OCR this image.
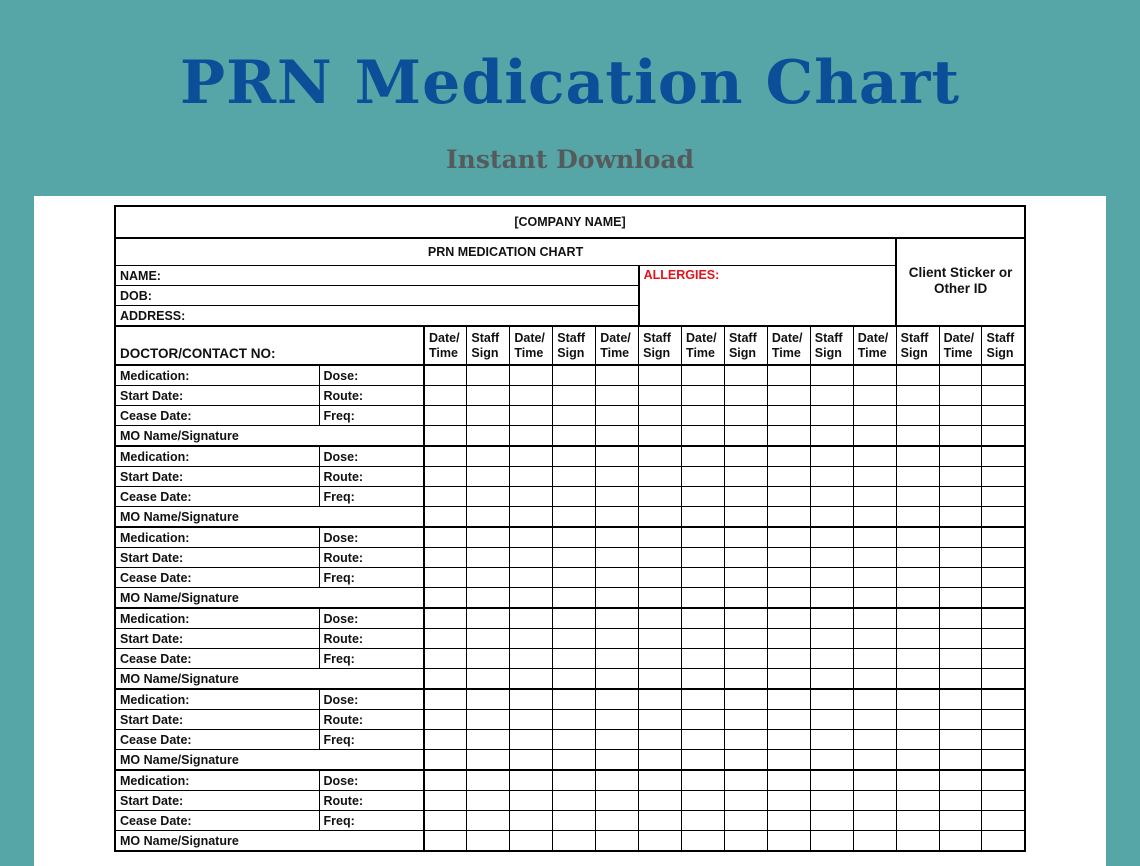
PRN Medication Chart
Instant Download
[COMPANY NAME]															
PRN MEDICATION CHART													Client Sticker or Other ID		
NAME:							ALLERGIES:								
DOB:															
ADDRESS:															
DOCTOR/CONTACT NO:		Date/ Time	Staff Sign	Date/ Time	Staff Sign	Date/ Time	Staff Sign	Date/ Time	Staff Sign	Date/ Time	Staff Sign	Date/ Time	Staff Sign	Date/ Time	Staff Sign
Medication:	Dose:														
Start Date:	Route:														
Cease Date:	Freq:														
MO Name/Signature															
Medication:	Dose:														
Start Date:	Route:														
Cease Date:	Freq:														
MO Name/Signature															
Medication:	Dose:														
Start Date:	Route:														
Cease Date:	Freq:														
MO Name/Signature															
Medication:	Dose:														
Start Date:	Route:														
Cease Date:	Freq:														
MO Name/Signature															
Medication:	Dose:														
Start Date:	Route:														
Cease Date:	Freq:														
MO Name/Signature															
Medication:	Dose:														
Start Date:	Route:														
Cease Date:	Freq:														
MO Name/Signature															
